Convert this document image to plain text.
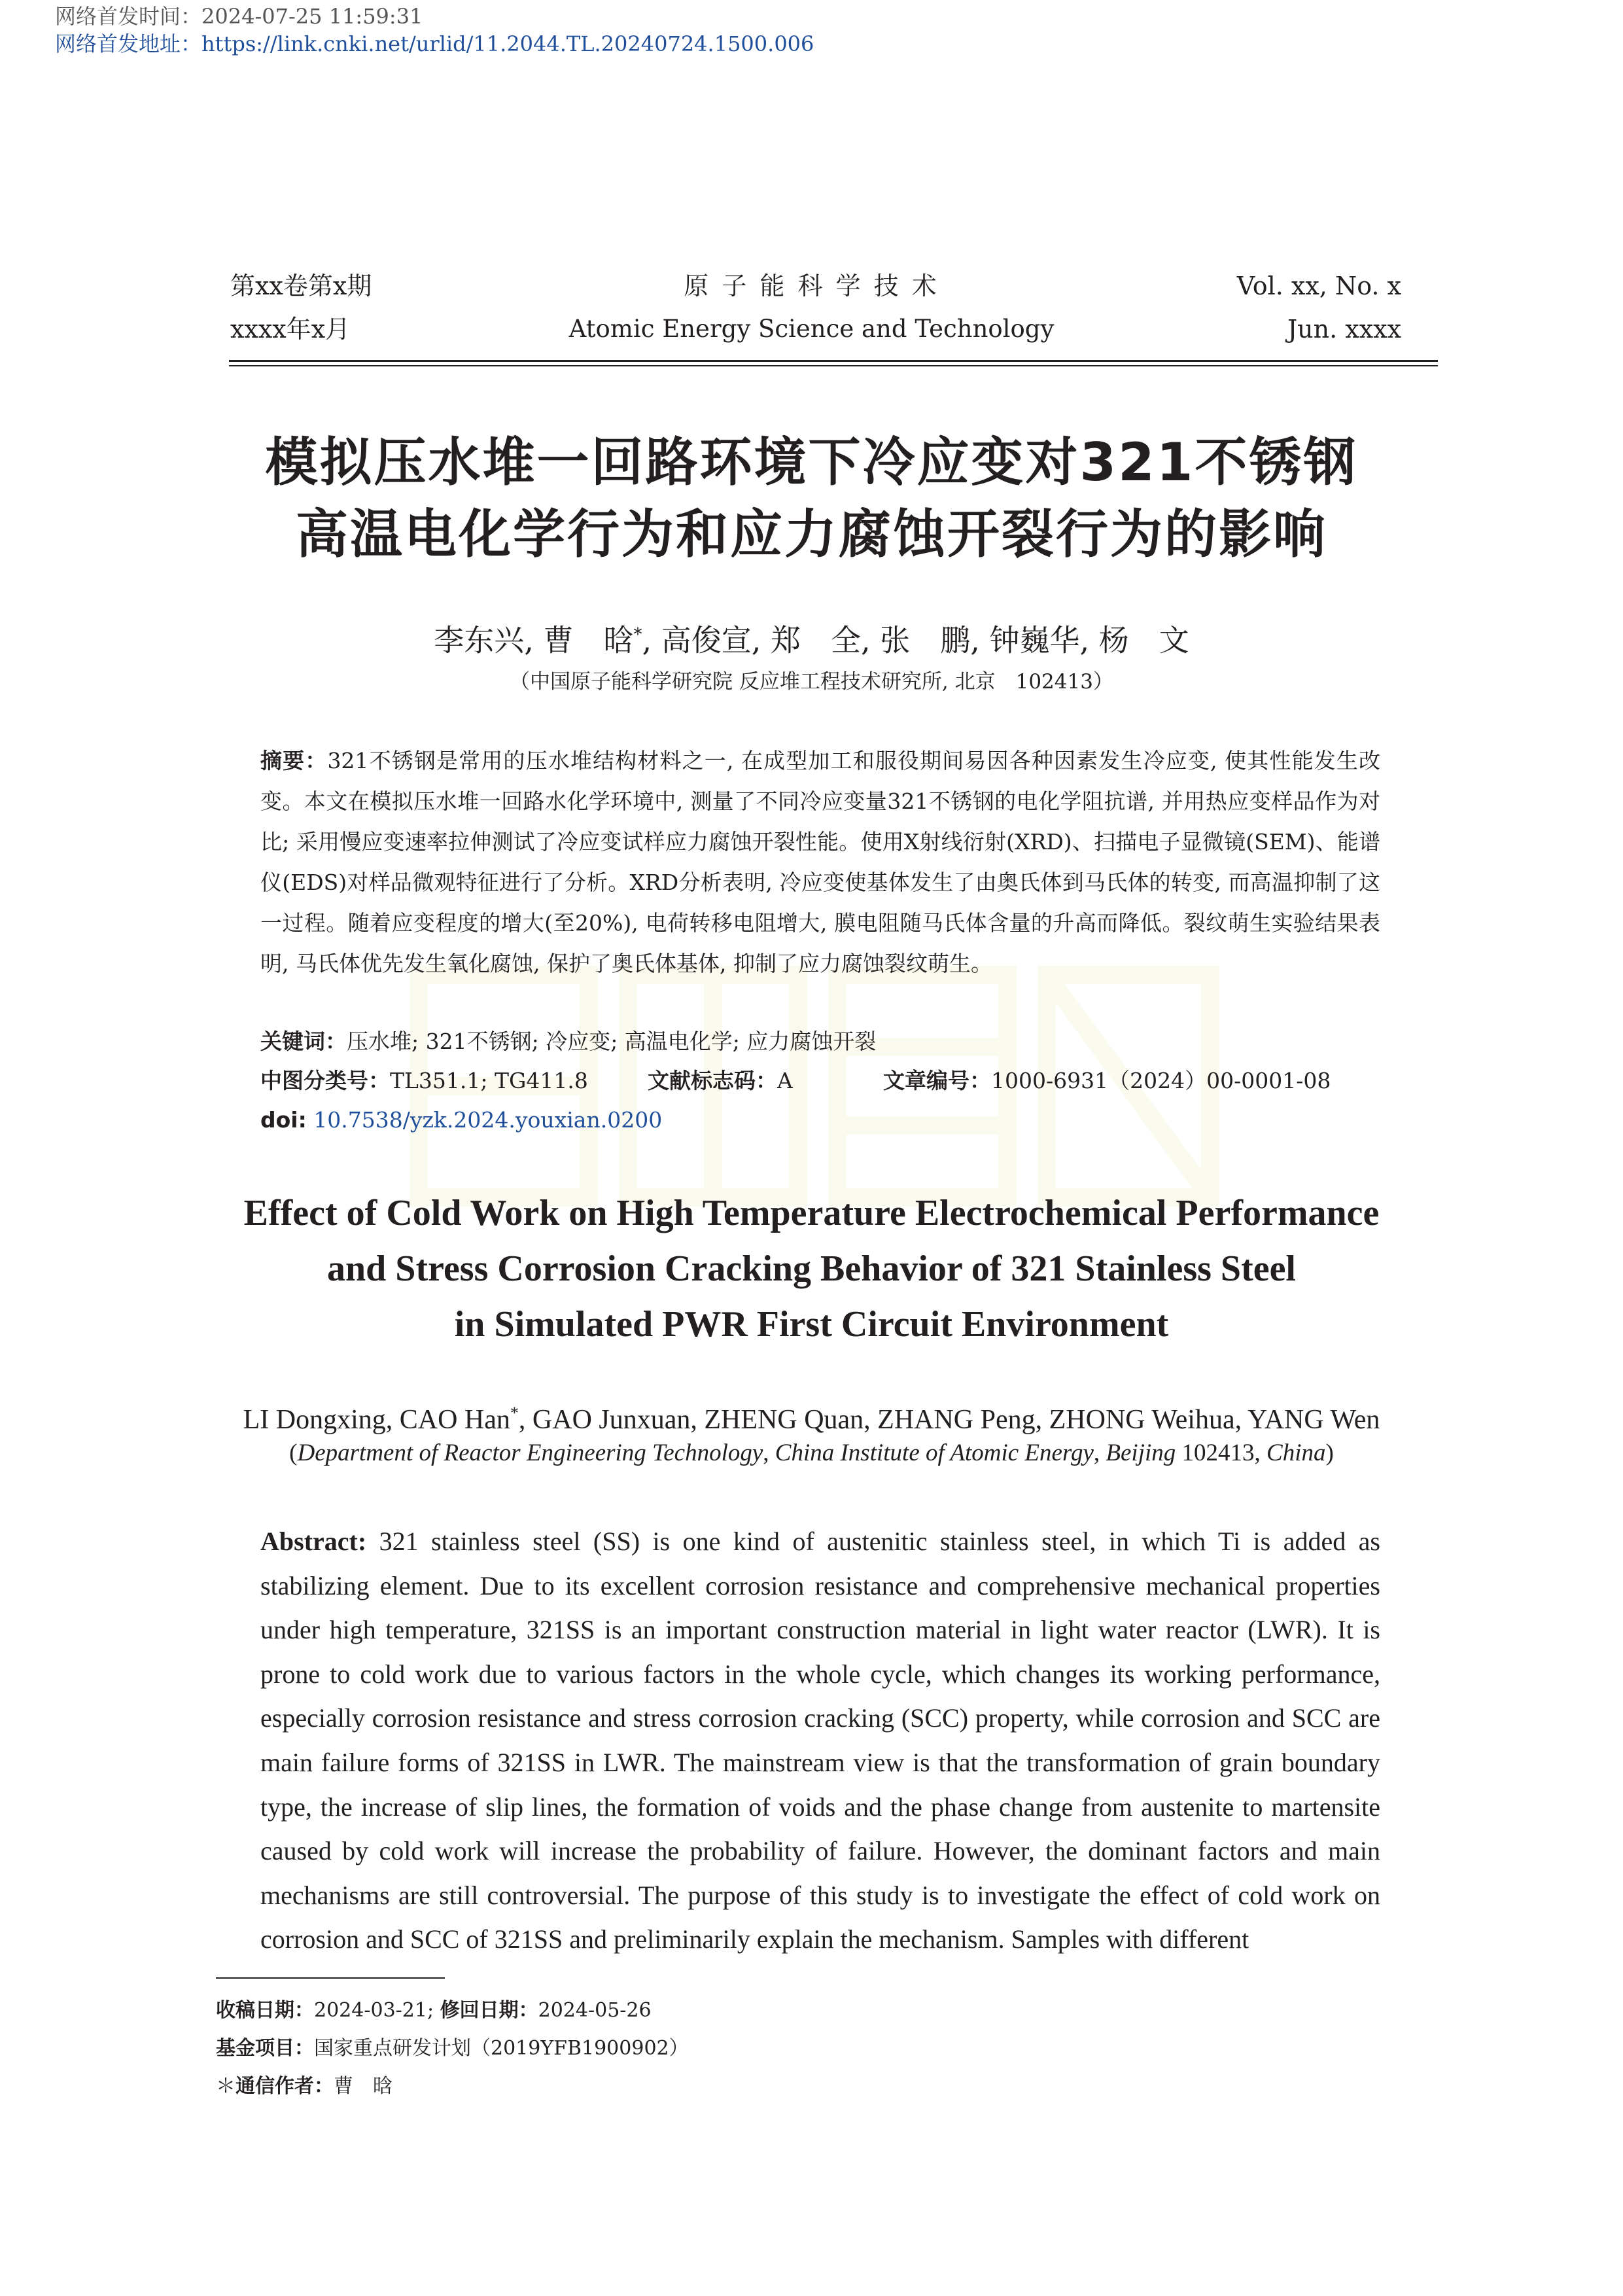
网络首发时间：2024-07-25 11:59:31
网络首发地址：https://link.cnki.net/urlid/11.2044.TL.20240724.1500.006
第xx卷第x期
xxxx年x月
原 子 能 科 学 技 术
Atomic Energy Science and Technology
Vol. xx, No. x
Jun. xxxx
模拟压水堆一回路环境下冷应变对321不锈钢
高温电化学行为和应力腐蚀开裂行为的影响
李东兴, 曹　晗*, 高俊宣, 郑　全, 张　鹏, 钟巍华, 杨　文
（中国原子能科学研究院 反应堆工程技术研究所, 北京　102413）
摘要：321不锈钢是常用的压水堆结构材料之一, 在成型加工和服役期间易因各种因素发生冷应变, 使其性能发生改变。本文在模拟压水堆一回路水化学环境中, 测量了不同冷应变量321不锈钢的电化学阻抗谱, 并用热应变样品作为对比; 采用慢应变速率拉伸测试了冷应变试样应力腐蚀开裂性能。使用X射线衍射(XRD)、扫描电子显微镜(SEM)、能谱仪(EDS)对样品微观特征进行了分析。XRD分析表明, 冷应变使基体发生了由奥氏体到马氏体的转变, 而高温抑制了这一过程。随着应变程度的增大(至20%), 电荷转移电阻增大, 膜电阻随马氏体含量的升高而降低。裂纹萌生实验结果表明, 马氏体优先发生氧化腐蚀, 保护了奥氏体基体, 抑制了应力腐蚀裂纹萌生。
关键词：压水堆; 321不锈钢; 冷应变; 高温电化学; 应力腐蚀开裂
中图分类号：TL351.1; TG411.8	文献标志码：A	文章编号：1000-6931（2024）00-0001-08
doi: 10.7538/yzk.2024.youxian.0200
Effect of Cold Work on High Temperature Electrochemical Performance
and Stress Corrosion Cracking Behavior of 321 Stainless Steel
in Simulated PWR First Circuit Environment
LI Dongxing, CAO Han*, GAO Junxuan, ZHENG Quan, ZHANG Peng, ZHONG Weihua, YANG Wen
(Department of Reactor Engineering Technology, China Institute of Atomic Energy, Beijing 102413, China)
Abstract: 321 stainless steel (SS) is one kind of austenitic stainless steel, in which Ti is added as stabilizing element. Due to its excellent corrosion resistance and comprehensive mechanical properties under high temperature, 321SS is an important construction material in light water reactor (LWR). It is prone to cold work due to various factors in the whole cycle, which changes its working performance, especially corrosion resistance and stress corrosion cracking (SCC) property, while corrosion and SCC are main failure forms of 321SS in LWR. The mainstream view is that the transformation of grain boundary type, the increase of slip lines, the formation of voids and the phase change from austenite to martensite caused by cold work will increase the probability of failure. However, the dominant factors and main mechanisms are still controversial. The purpose of this study is to investigate the effect of cold work on corrosion and SCC of 321SS and preliminarily explain the mechanism. Samples with different
收稿日期：2024-03-21; 修回日期：2024-05-26
基金项目：国家重点研发计划（2019YFB1900902）
＊通信作者：曹　晗
